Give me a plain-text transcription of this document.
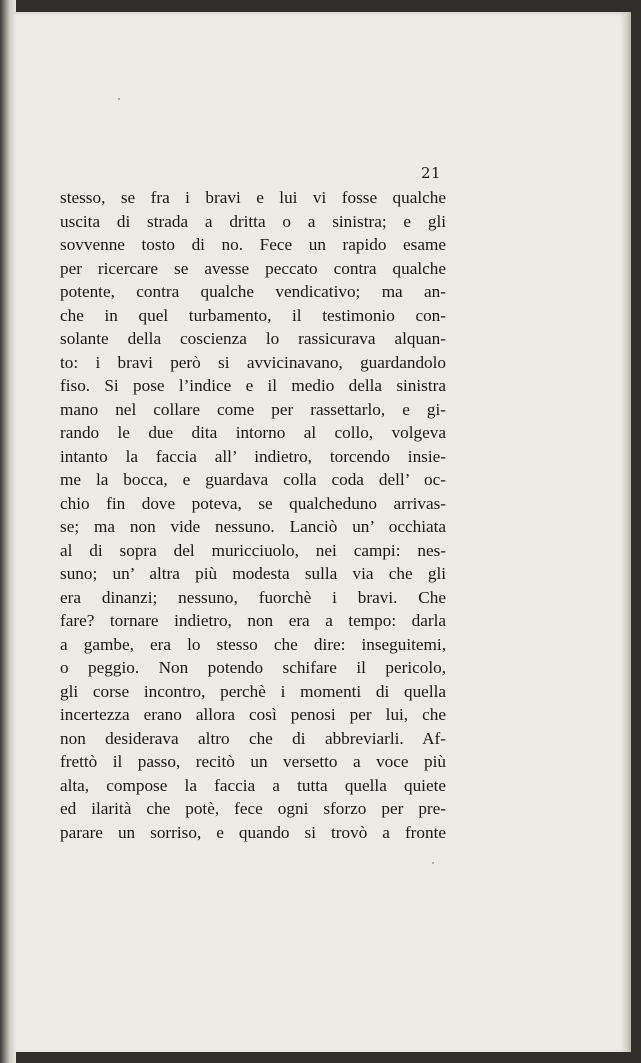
21
stesso, se fra i bravi e lui vi fosse qualche
uscita di strada a dritta o a sinistra; e gli
sovvenne tosto di no. Fece un rapido esame
per ricercare se avesse peccato contra qualche
potente, contra qualche vendicativo; ma an-
che in quel turbamento, il testimonio con-
solante della coscienza lo rassicurava alquan-
to: i bravi però si avvicinavano, guardandolo
fiso. Si pose l’indice e il medio della sinistra
mano nel collare come per rassettarlo, e gi-
rando le due dita intorno al collo, volgeva
intanto la faccia all’ indietro, torcendo insie-
me la bocca, e guardava colla coda dell’ oc-
chio fin dove poteva, se qualcheduno arrivas-
se; ma non vide nessuno. Lanciò un’ occhiata
al di sopra del muricciuolo, nei campi: nes-
suno; un’ altra più modesta sulla via che gli
era dinanzi; nessuno, fuorchè i bravi. Che
fare? tornare indietro, non era a tempo: darla
a gambe, era lo stesso che dire: inseguitemi,
o peggio. Non potendo schifare il pericolo,
gli corse incontro, perchè i momenti di quella
incertezza erano allora così penosi per lui, che
non desiderava altro che di abbreviarli. Af-
frettò il passo, recitò un versetto a voce più
alta, compose la faccia a tutta quella quiete
ed ilarità che potè, fece ogni sforzo per pre-
parare un sorriso, e quando si trovò a fronte
